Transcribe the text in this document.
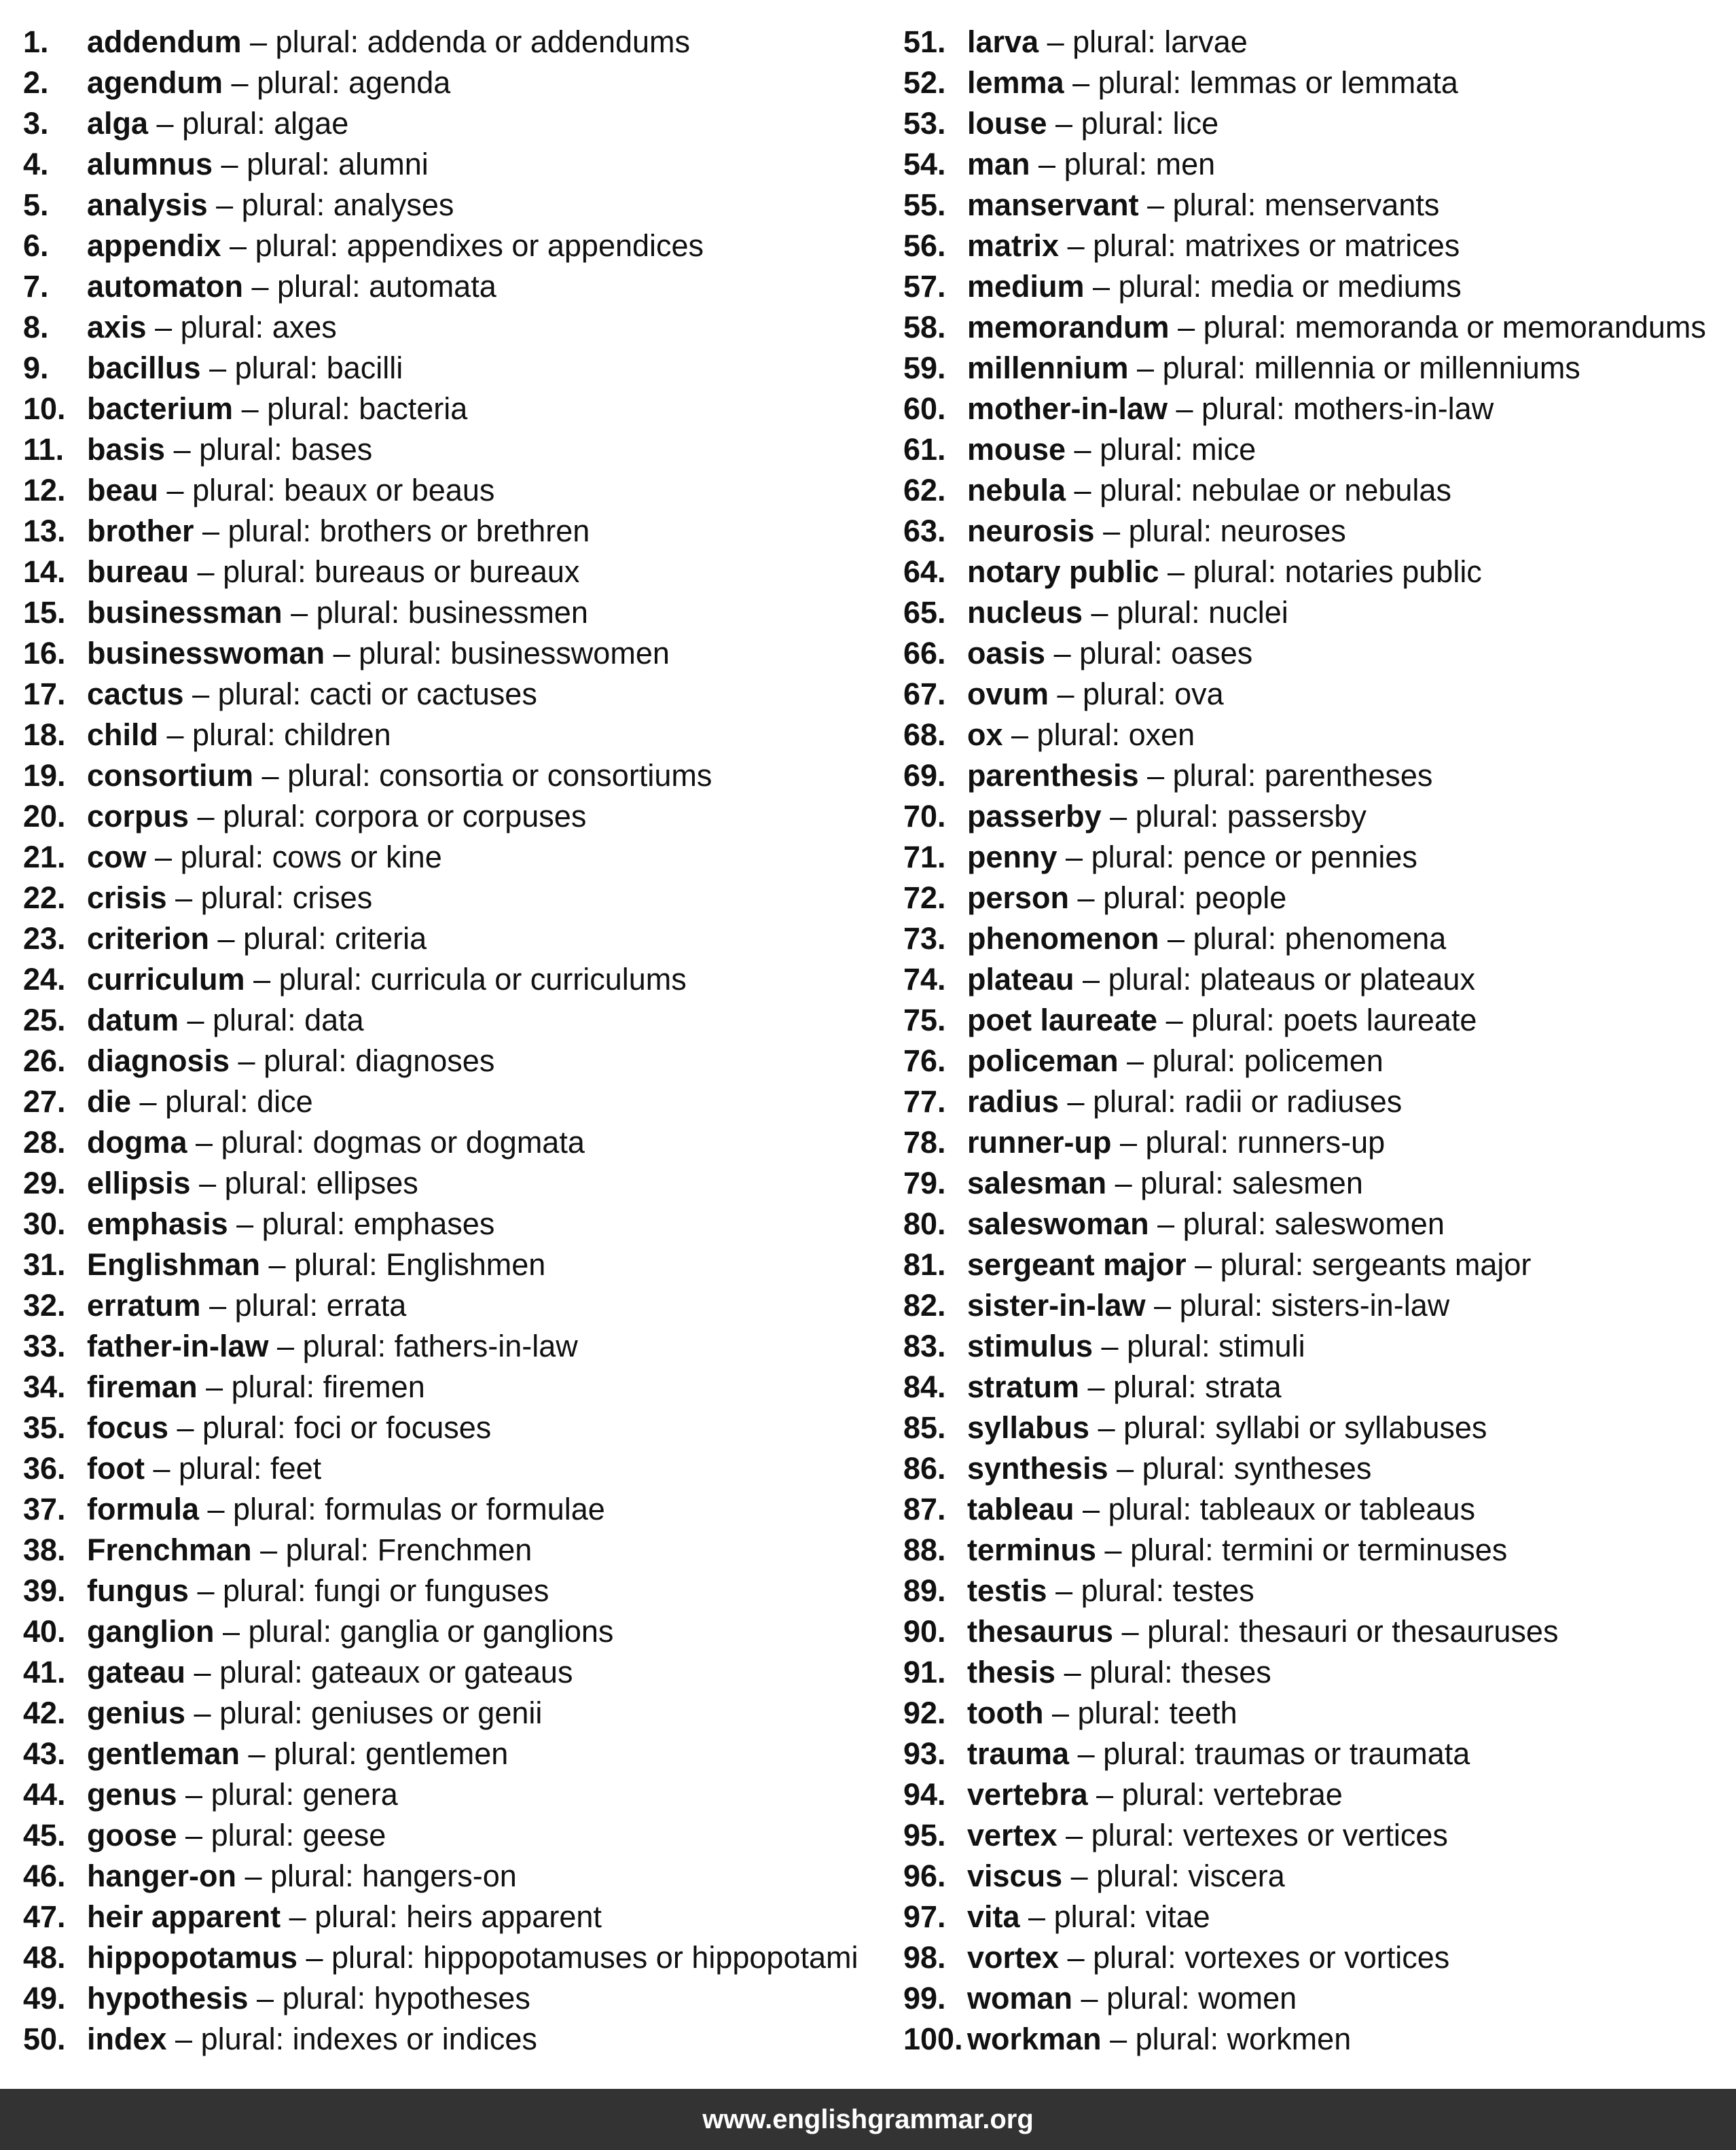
1.	addendum – plural: addenda or addendums
2.	agendum – plural: agenda
3.	alga – plural: algae
4.	alumnus – plural: alumni
5.	analysis – plural: analyses
6.	appendix – plural: appendixes or appendices
7.	automaton – plural: automata
8.	axis – plural: axes
9.	bacillus – plural: bacilli
10. bacterium – plural: bacteria
11. basis – plural: bases
12. beau – plural: beaux or beaus
13. brother – plural: brothers or brethren
14. bureau – plural: bureaus or bureaux
15. businessman – plural: businessmen
16. businesswoman – plural: businesswomen
17. cactus – plural: cacti or cactuses
18. child – plural: children
19. consortium – plural: consortia or consortiums
20. corpus – plural: corpora or corpuses
21. cow – plural: cows or kine
22. crisis – plural: crises
23. criterion – plural: criteria
24. curriculum – plural: curricula or curriculums
25. datum – plural: data
26. diagnosis – plural: diagnoses
27. die – plural: dice
28. dogma – plural: dogmas or dogmata
29. ellipsis – plural: ellipses
30. emphasis – plural: emphases
31. Englishman – plural: Englishmen
32. erratum – plural: errata
33. father-in-law – plural: fathers-in-law
34. fireman – plural: firemen
35. focus – plural: foci or focuses
36. foot – plural: feet
37. formula – plural: formulas or formulae
38. Frenchman – plural: Frenchmen
39. fungus – plural: fungi or funguses
40. ganglion – plural: ganglia or ganglions
41. gateau – plural: gateaux or gateaus
42. genius – plural: geniuses or genii
43. gentleman – plural: gentlemen
44. genus – plural: genera
45. goose – plural: geese
46. hanger-on – plural: hangers-on
47. heir apparent – plural: heirs apparent
48. hippopotamus – plural: hippopotamuses or hippopotami
49. hypothesis – plural: hypotheses
50. index – plural: indexes or indices
51. larva – plural: larvae
52. lemma – plural: lemmas or lemmata
53. louse – plural: lice
54. man – plural: men
55. manservant – plural: menservants
56. matrix – plural: matrixes or matrices
57. medium – plural: media or mediums
58. memorandum – plural: memoranda or memorandums
59. millennium – plural: millennia or millenniums
60. mother-in-law – plural: mothers-in-law
61. mouse – plural: mice
62. nebula – plural: nebulae or nebulas
63. neurosis – plural: neuroses
64. notary public – plural: notaries public
65. nucleus – plural: nuclei
66. oasis – plural: oases
67. ovum – plural: ova
68. ox – plural: oxen
69. parenthesis – plural: parentheses
70. passerby – plural: passersby
71. penny – plural: pence or pennies
72. person – plural: people
73. phenomenon – plural: phenomena
74. plateau – plural: plateaus or plateaux
75. poet laureate – plural: poets laureate
76. policeman – plural: policemen
77. radius – plural: radii or radiuses
78. runner-up – plural: runners-up
79. salesman – plural: salesmen
80. saleswoman – plural: saleswomen
81. sergeant major – plural: sergeants major
82. sister-in-law – plural: sisters-in-law
83. stimulus – plural: stimuli
84. stratum – plural: strata
85. syllabus – plural: syllabi or syllabuses
86. synthesis – plural: syntheses
87. tableau – plural: tableaux or tableaus
88. terminus – plural: termini or terminuses
89. testis – plural: testes
90. thesaurus – plural: thesauri or thesauruses
91. thesis – plural: theses
92. tooth – plural: teeth
93. trauma – plural: traumas or traumata
94. vertebra – plural: vertebrae
95. vertex – plural: vertexes or vertices
96. viscus – plural: viscera
97. vita – plural: vitae
98. vortex – plural: vortexes or vortices
99. woman – plural: women
100. workman – plural: workmen
www.englishgrammar.org
